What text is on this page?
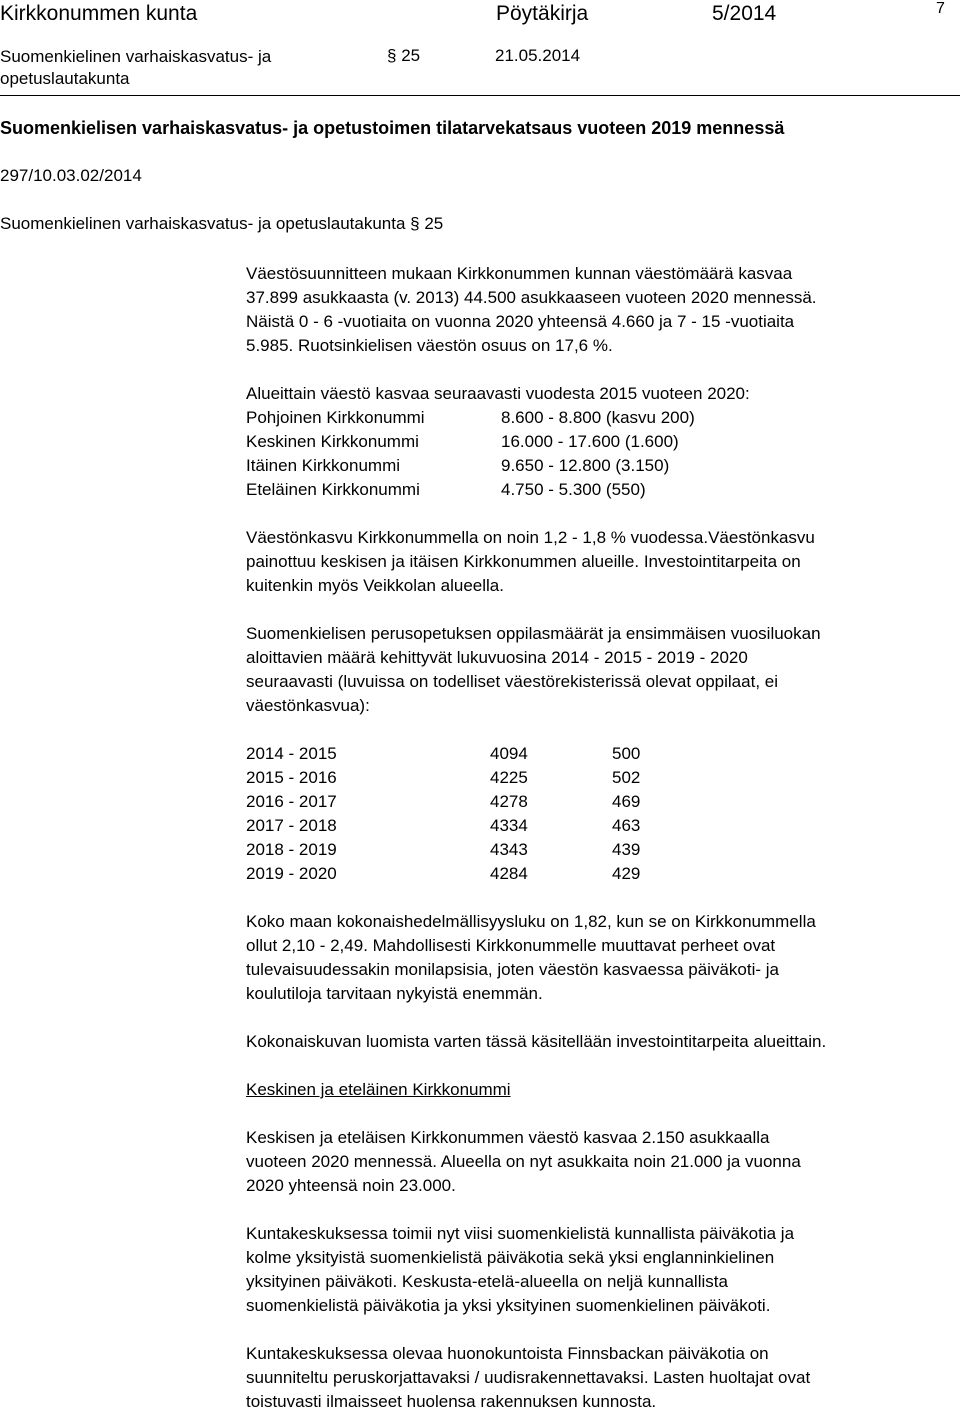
Kirkkonummen kunta	Pöytäkirja	5/2014	7
Suomenkielinen varhaiskasvatus- ja
opetuslautakunta
§ 25	21.05.2014
Suomenkielisen varhaiskasvatus- ja opetustoimen tilatarvekatsaus vuoteen 2019 mennessä
297/10.03.02/2014
Suomenkielinen varhaiskasvatus- ja opetuslautakunta § 25

Väestösuunnitteen mukaan Kirkkonummen kunnan väestömäärä kasvaa
37.899 asukkaasta (v. 2013) 44.500 asukkaaseen vuoteen 2020 mennessä.
Näistä 0 - 6 -vuotiaita on vuonna 2020 yhteensä 4.660 ja 7 - 15 -vuotiaita
5.985. Ruotsinkielisen väestön osuus on 17,6 %.

Alueittain väestö kasvaa seuraavasti vuodesta 2015 vuoteen 2020:

Pohjoinen Kirkkonummi	8.600 - 8.800 (kasvu 200)
Keskinen Kirkkonummi	16.000 - 17.600 (1.600)
Itäinen Kirkkonummi	9.650 - 12.800 (3.150)
Eteläinen Kirkkonummi	4.750 - 5.300 (550)

Väestönkasvu Kirkkonummella on noin 1,2 - 1,8 % vuodessa.Väestönkasvu
painottuu keskisen ja itäisen Kirkkonummen alueille. Investointitarpeita on
kuitenkin myös Veikkolan alueella.

Suomenkielisen perusopetuksen oppilasmäärät ja ensimmäisen vuosiluokan
aloittavien määrä kehittyvät lukuvuosina 2014 - 2015 - 2019 - 2020
seuraavasti (luvuissa on todelliset väestörekisterissä olevat oppilaat, ei
väestönkasvua):

2014 - 2015	4094	500
2015 - 2016	4225	502
2016 - 2017	4278	469
2017 - 2018	4334	463
2018 - 2019	4343	439
2019 - 2020	4284	429

Koko maan kokonaishedelmällisyysluku on 1,82, kun se on Kirkkonummella
ollut 2,10 - 2,49. Mahdollisesti Kirkkonummelle muuttavat perheet ovat
tulevaisuudessakin monilapsisia, joten väestön kasvaessa päiväkoti- ja
koulutiloja tarvitaan nykyistä enemmän.

Kokonaiskuvan luomista varten tässä käsitellään investointitarpeita alueittain.

Keskinen ja eteläinen Kirkkonummi

Keskisen ja eteläisen Kirkkonummen väestö kasvaa 2.150 asukkaalla
vuoteen 2020 mennessä. Alueella on nyt asukkaita noin 21.000 ja vuonna
2020 yhteensä noin 23.000.

Kuntakeskuksessa toimii nyt viisi suomenkielistä kunnallista päiväkotia ja
kolme yksityistä suomenkielistä päiväkotia sekä yksi englanninkielinen
yksityinen päiväkoti. Keskusta-etelä-alueella on neljä kunnallista
suomenkielistä päiväkotia ja yksi yksityinen suomenkielinen päiväkoti.

Kuntakeskuksessa olevaa huonokuntoista Finnsbackan päiväkotia on
suunniteltu peruskorjattavaksi / uudisrakennettavaksi. Lasten huoltajat ovat
toistuvasti ilmaisseet huolensa rakennuksen kunnosta.
